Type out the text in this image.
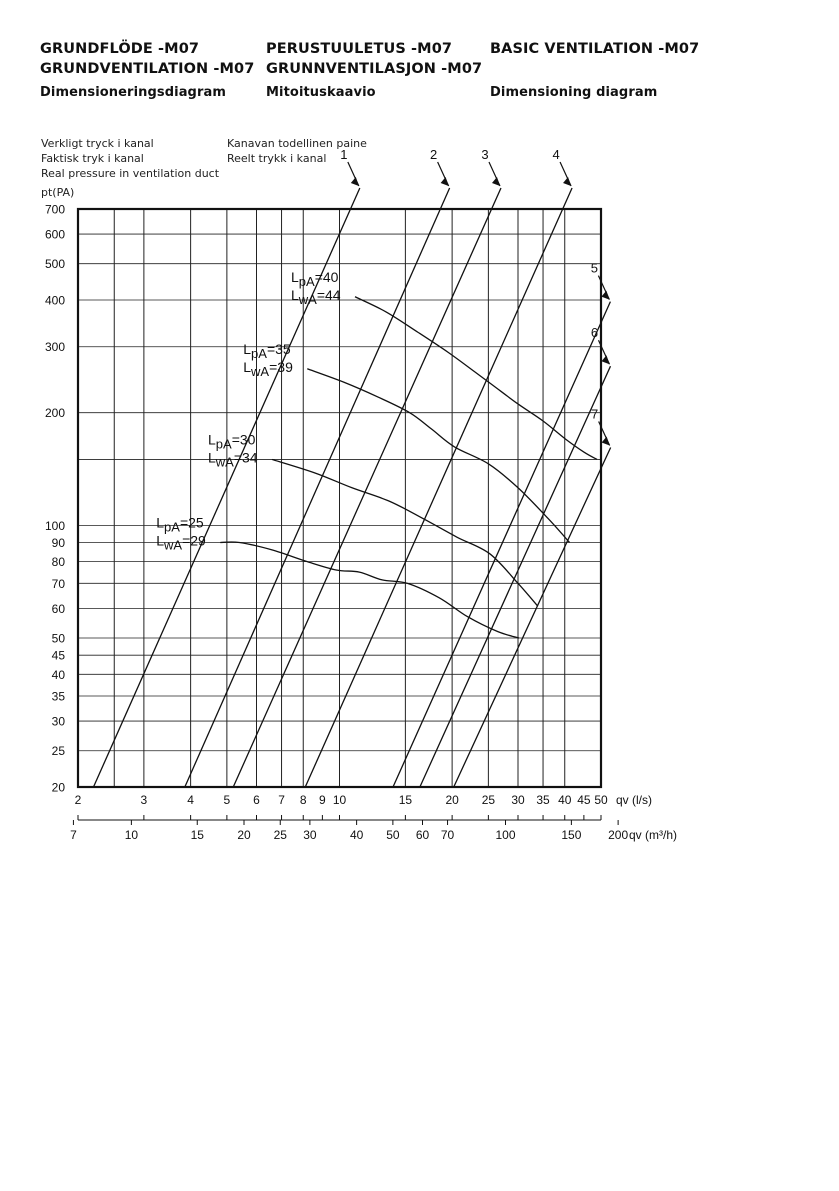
GRUNDFLÖDE -M07
GRUNDVENTILATION -M07
Dimensioneringsdiagram
PERUSTUULETUS -M07
GRUNNVENTILASJON -M07
Mitoituskaavio
BASIC VENTILATION -M07

Dimensioning diagram
Verkligt tryck i kanal
Faktisk tryk i kanal
Real pressure in ventilation duct
Kanavan todellinen paine
Reelt trykk i kanal
pt(PA)
1	2	3	4
5
6
7
LpA=25
LwA=29
LpA=30
LwA=34
LpA=35
LwA=39
LpA=40
LwA=44
20
25
30
35
40
45
50
60
70
80
90
100
200
300
400
500
600
700
2	3	4 5 6 7 8 9 10	15	20 25 30 35 40 45 50 qv (l/s)
7	10	15	20 25 30	40 50 60 70	100	150 200 qv (m³/h)
